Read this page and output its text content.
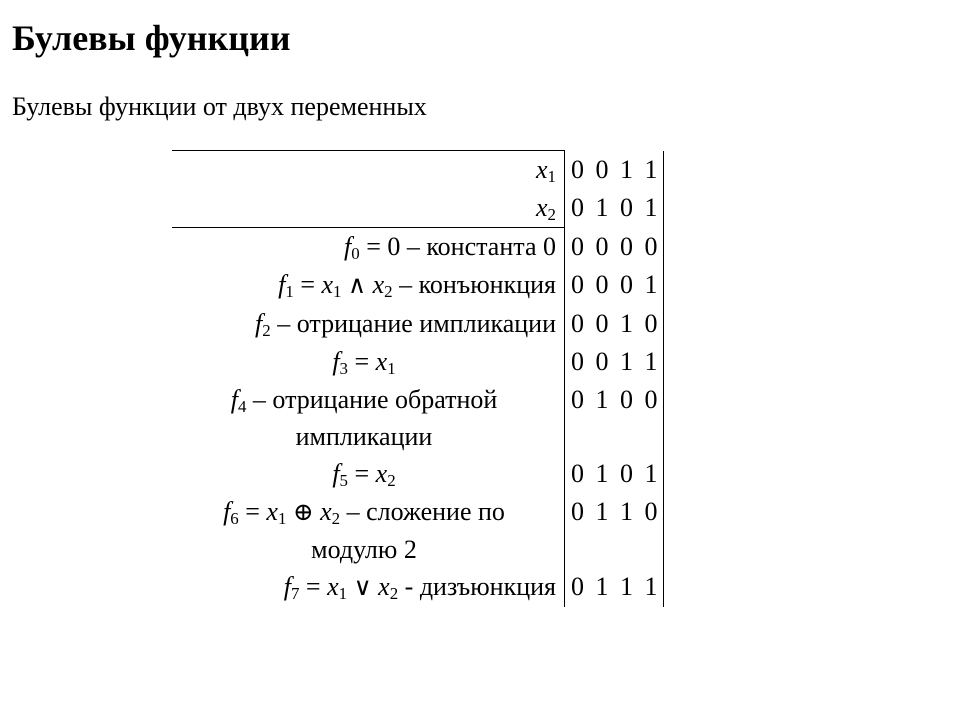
Булевы функции

Булевы функции от двух переменных

$x_1$	0	0	1	1
$x_2$	0	1	0	1
$f_0 = 0$ – константа 0	0	0	0	0
$f_1 = x_1$ ∧ $x_2$ – конъюнкция	0	0	0	1
$f_2$ – отрицание импликации	0	0	1	0
$f_3 = x_1$	0	0	1	1
$f_4$ – отрицание обратной
импликации	0	1	0	0
$f_5 = x_2$	0	1	0	1
$f_6 = x_1$ ⊕ $x_2$ – сложение по
модулю 2	0	1	1	0
$f_7 = x_1$ ∨ $x_2$ - дизъюнкция	0	1	1	1
